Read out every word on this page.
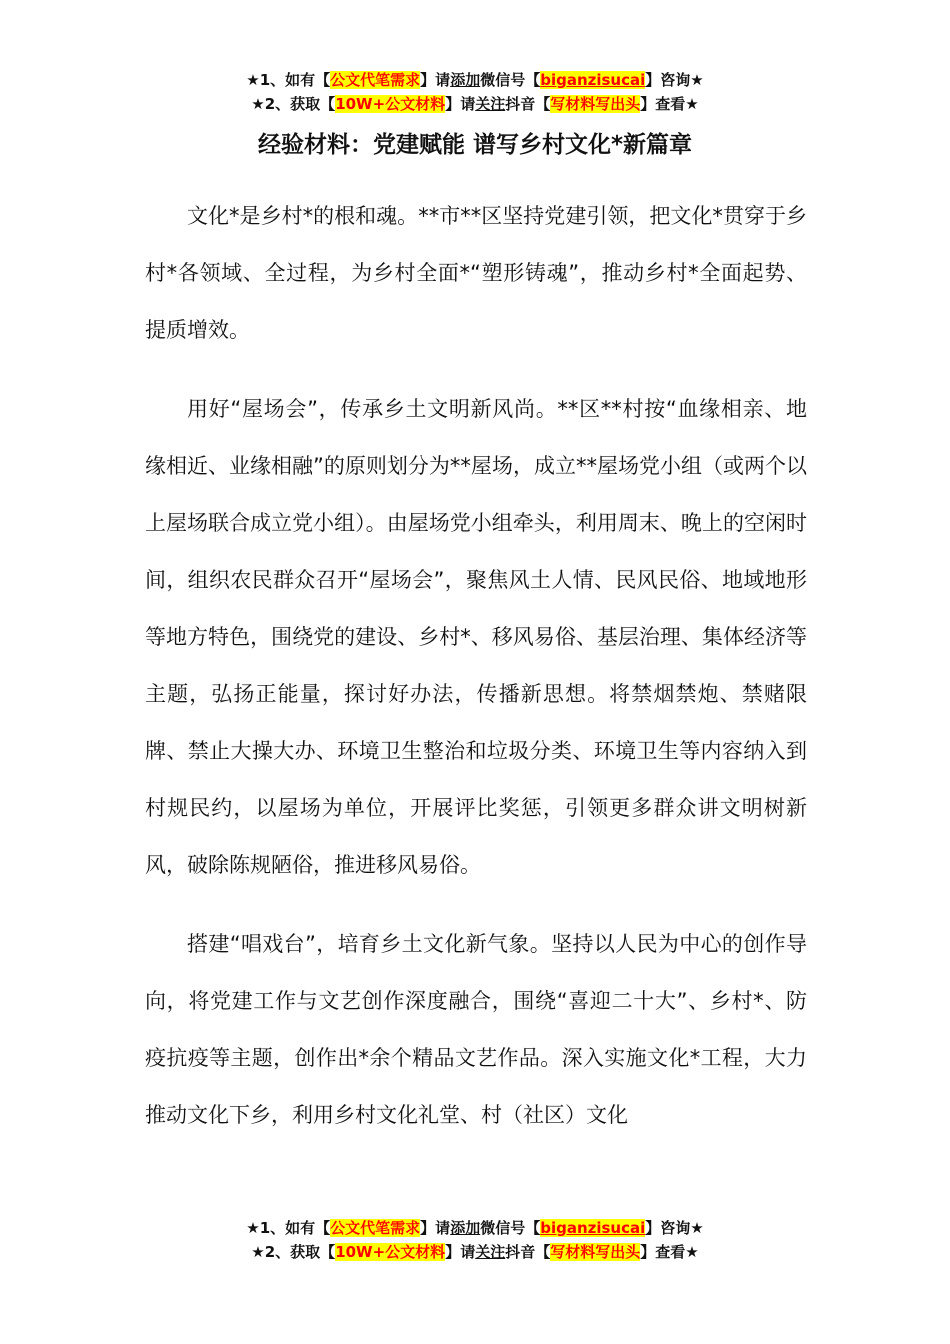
★1、如有【公文代笔需求】请添加微信号【biganzisucai】咨询★
★2、获取【10W+公文材料】请关注抖音【写材料写出头】查看★
经验材料：党建赋能 谱写乡村文化*新篇章

文化*是乡村*的根和魂。**市**区坚持党建引领，把文化*贯穿于乡村*各领域、全过程，为乡村全面*“塑形铸魂”，推动乡村*全面起势、提质增效。

用好“屋场会”，传承乡土文明新风尚。**区**村按“血缘相亲、地缘相近、业缘相融”的原则划分为**屋场，成立**屋场党小组（或两个以上屋场联合成立党小组）。由屋场党小组牵头，利用周末、晚上的空闲时间，组织农民群众召开“屋场会”，聚焦风土人情、民风民俗、地域地形等地方特色，围绕党的建设、乡村*、移风易俗、基层治理、集体经济等主题，弘扬正能量，探讨好办法，传播新思想。将禁烟禁炮、禁赌限牌、禁止大操大办、环境卫生整治和垃圾分类、环境卫生等内容纳入到村规民约，以屋场为单位，开展评比奖惩，引领更多群众讲文明树新风，破除陈规陋俗，推进移风易俗。

搭建“唱戏台”，培育乡土文化新气象。坚持以人民为中心的创作导向，将党建工作与文艺创作深度融合，围绕“喜迎二十大”、乡村*、防疫抗疫等主题，创作出*余个精品文艺作品。深入实施文化*工程，大力推动文化下乡，利用乡村文化礼堂、村（社区）文化

★1、如有【公文代笔需求】请添加微信号【biganzisucai】咨询★
★2、获取【10W+公文材料】请关注抖音【写材料写出头】查看★
